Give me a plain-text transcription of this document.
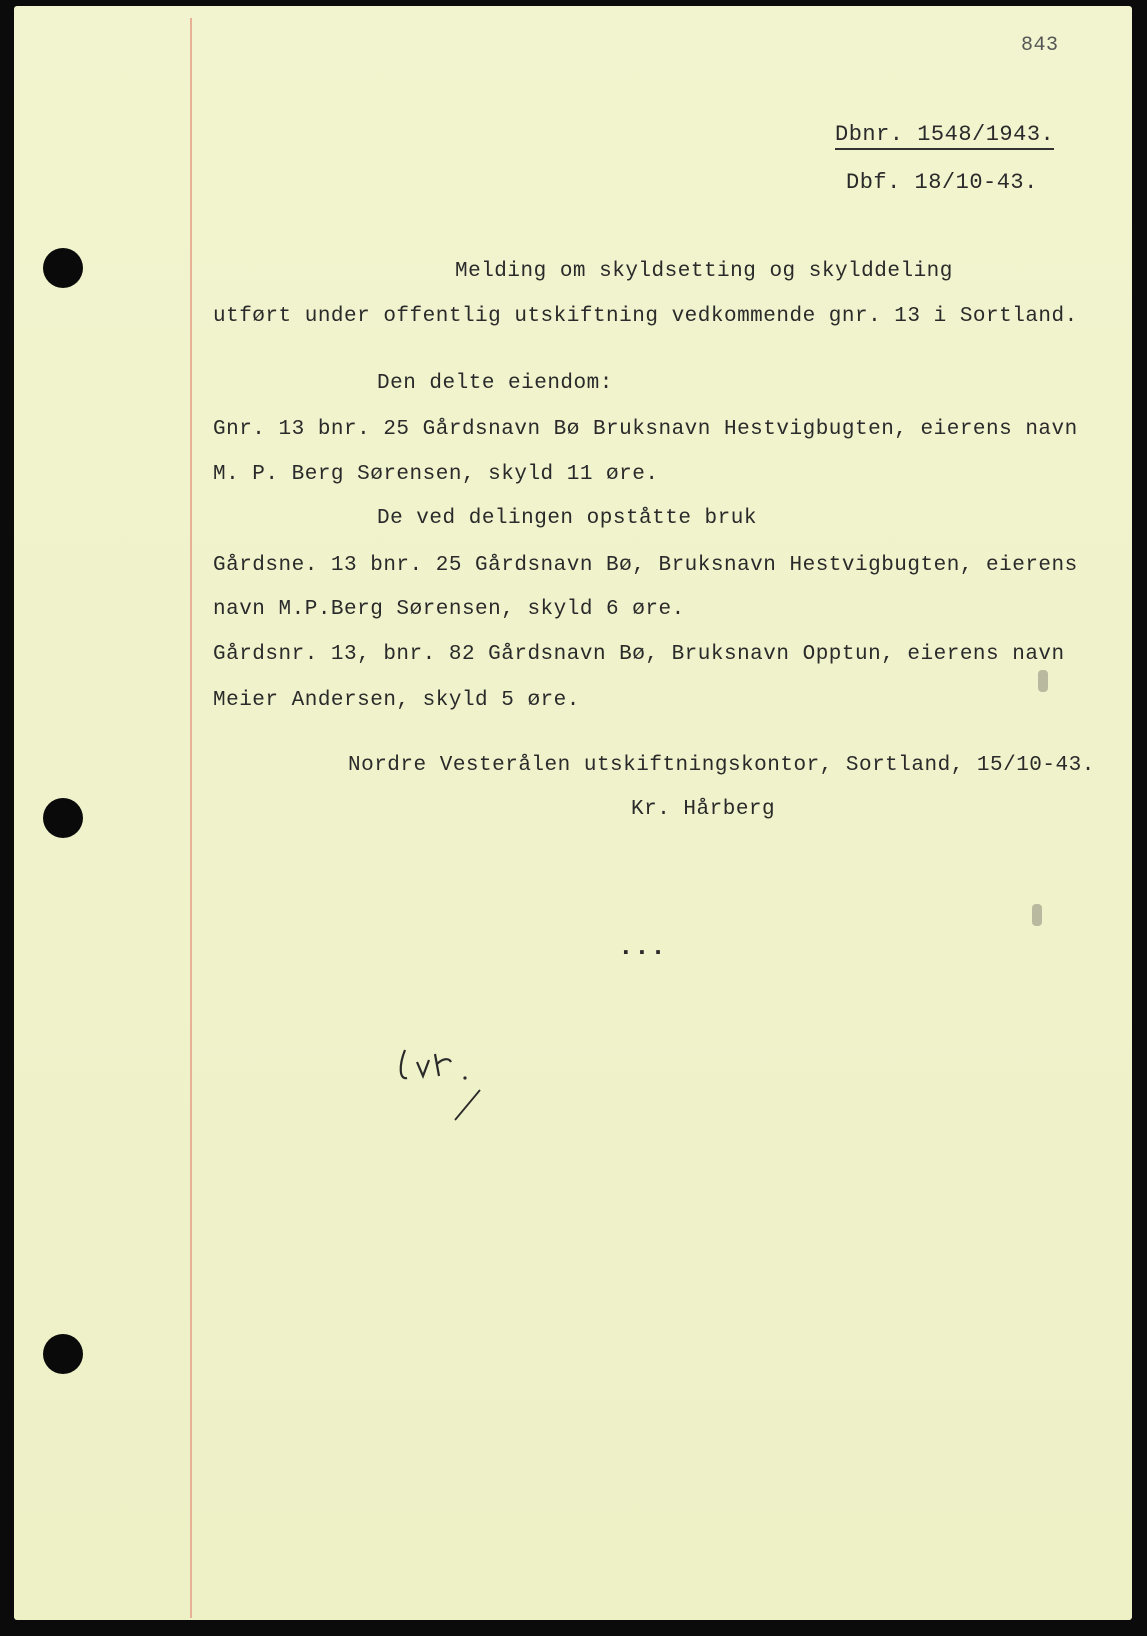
843
Dbnr. 1548/1943.
Dbf. 18/10-43.
Melding om skyldsetting og skylddeling
utført under offentlig utskiftning vedkommende gnr. 13 i Sortland.
Den delte eiendom:
Gnr. 13 bnr. 25 Gårdsnavn Bø Bruksnavn Hestvigbugten, eierens navn
M. P. Berg Sørensen, skyld 11 øre.
De ved delingen opståtte bruk
Gårdsne. 13 bnr. 25 Gårdsnavn Bø, Bruksnavn Hestvigbugten, eierens
navn M.P.Berg Sørensen, skyld 6 øre.
Gårdsnr. 13, bnr. 82 Gårdsnavn Bø, Bruksnavn Opptun, eierens navn
Meier Andersen, skyld 5 øre.
Nordre Vesterålen utskiftningskontor, Sortland, 15/10-43.
Kr. Hårberg
...
